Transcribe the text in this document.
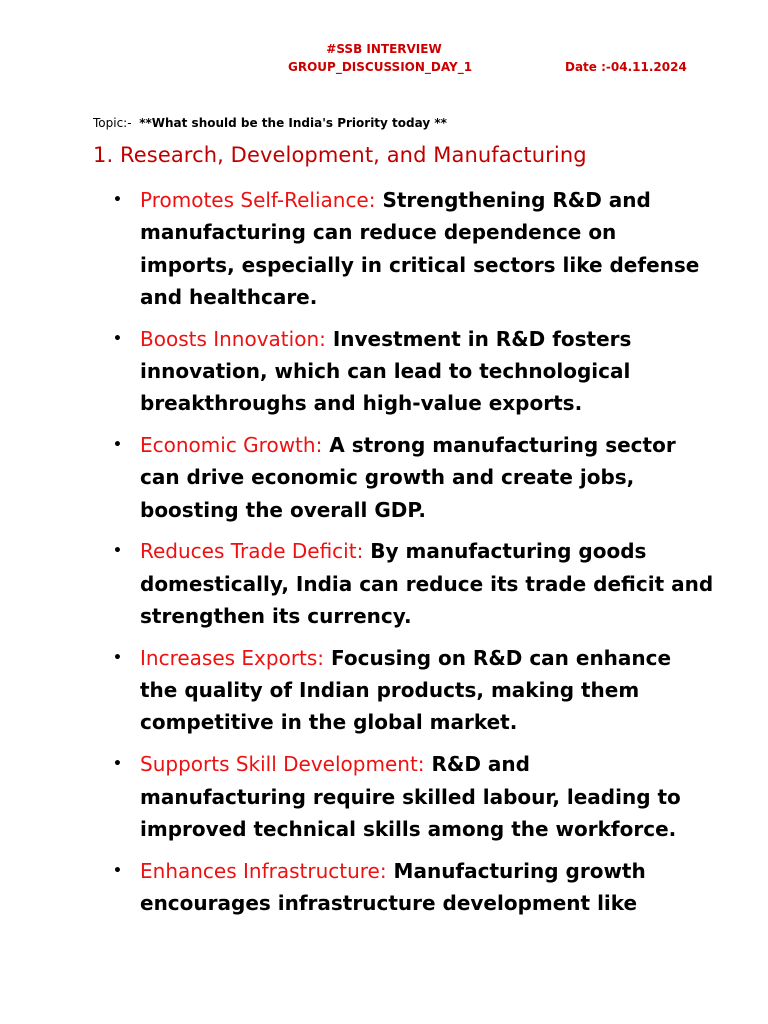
#SSB INTERVIEW
GROUP_DISCUSSION_DAY_1	Date :-04.11.2024
Topic:- **What should be the India's Priority today **
1. Research, Development, and Manufacturing
• Promotes Self-Reliance: Strengthening R&D and
manufacturing can reduce dependence on
imports, especially in critical sectors like defense
and healthcare.
• Boosts Innovation: Investment in R&D fosters
innovation, which can lead to technological
breakthroughs and high-value exports.
• Economic Growth: A strong manufacturing sector
can drive economic growth and create jobs,
boosting the overall GDP.
• Reduces Trade Deficit: By manufacturing goods
domestically, India can reduce its trade deficit and
strengthen its currency.
• Increases Exports: Focusing on R&D can enhance
the quality of Indian products, making them
competitive in the global market.
• Supports Skill Development: R&D and
manufacturing require skilled labour, leading to
improved technical skills among the workforce.
• Enhances Infrastructure: Manufacturing growth
encourages infrastructure development like
